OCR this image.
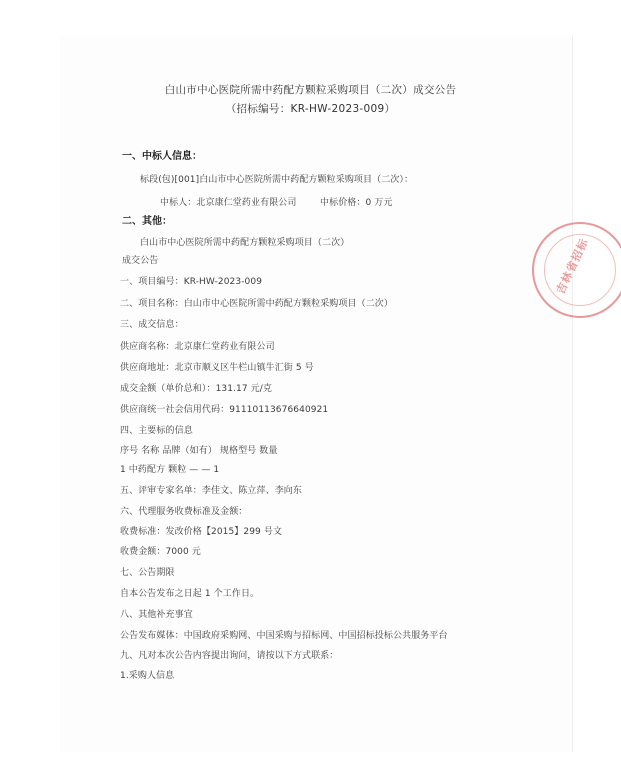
白山市中心医院所需中药配方颗粒采购项目（二次）成交公告
（招标编号：KR-HW-2023-009）
一、中标人信息：
标段(包)[001]白山市中心医院所需中药配方颗粒采购项目（二次）：
中标人：北京康仁堂药业有限公司	中标价格：0 万元
二、其他：
白山市中心医院所需中药配方颗粒采购项目（二次）
成交公告
一、项目编号：KR-HW-2023-009
二、项目名称：白山市中心医院所需中药配方颗粒采购项目（二次）
三、成交信息：
供应商名称：北京康仁堂药业有限公司
供应商地址：北京市顺义区牛栏山镇牛汇街 5 号
成交金额（单价总和）：131.17 元/克
供应商统一社会信用代码：91110113676640921
四、主要标的信息
序号 名称 品牌（如有） 规格型号 数量
1 中药配方 颗粒 — — 1
五、评审专家名单：李佳文、陈立萍、李向东
六、代理服务收费标准及金额：
收费标准：发改价格【2015】299 号文
收费金额：7000 元
七、公告期限
自本公告发布之日起 1 个工作日。
八、其他补充事宜
公告发布媒体：中国政府采购网、中国采购与招标网、中国招标投标公共服务平台
九、凡对本次公告内容提出询问，请按以下方式联系：
1.采购人信息
吉林省招标
